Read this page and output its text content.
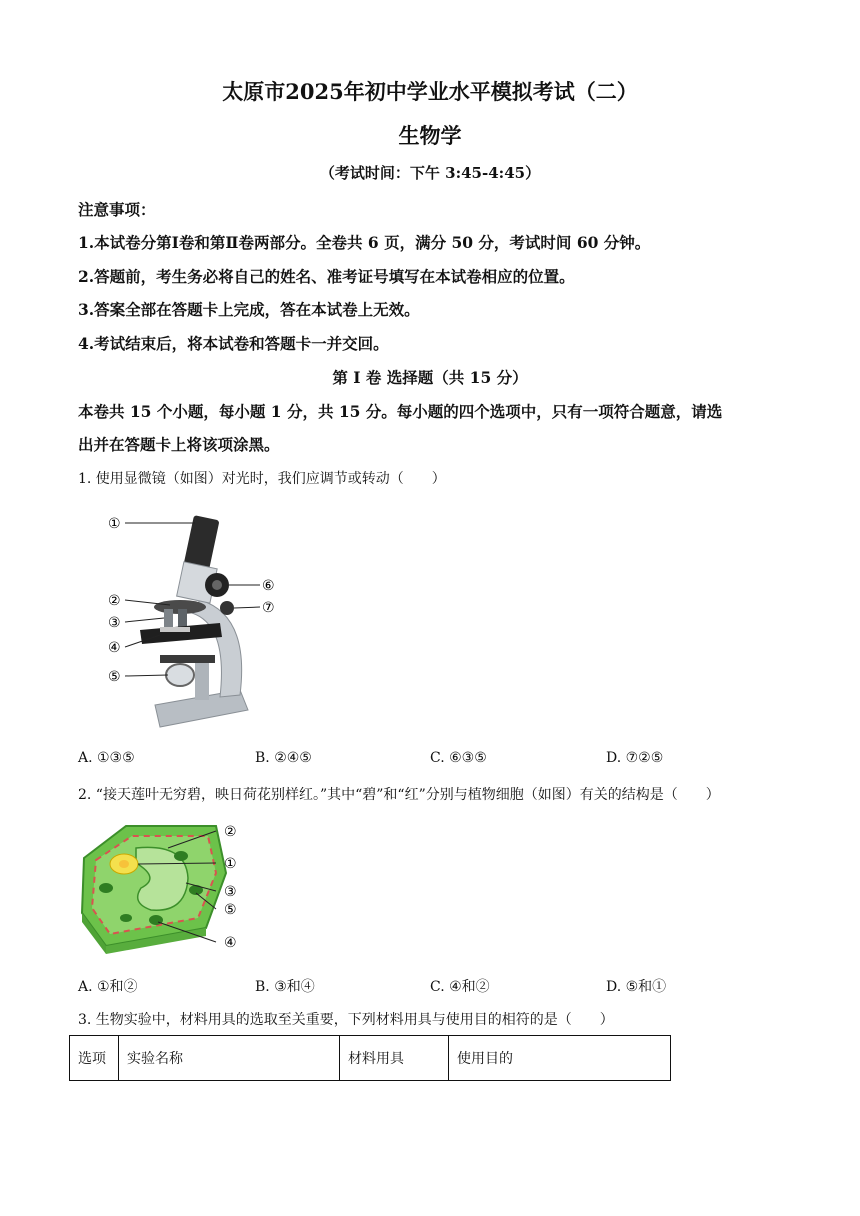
太原市2025年初中学业水平模拟考试（二）
生物学
（考试时间：下午 3:45-4:45）
注意事项：
1.本试卷分第Ⅰ卷和第Ⅱ卷两部分。全卷共 6 页，满分 50 分，考试时间 60 分钟。
2.答题前，考生务必将自己的姓名、准考证号填写在本试卷相应的位置。
3.答案全部在答题卡上完成，答在本试卷上无效。
4.考试结束后，将本试卷和答题卡一并交回。
第 I 卷 选择题（共 15 分）
本卷共 15 个小题，每小题 1 分，共 15 分。每小题的四个选项中，只有一项符合题意，请选
出并在答题卡上将该项涂黑。
1. 使用显微镜（如图）对光时，我们应调节或转动（　　）
①
②
③
④
⑤
⑥
⑦
A. ①③⑤	B. ②④⑤	C. ⑥③⑤	D. ⑦②⑤
2. “接天莲叶无穷碧，映日荷花别样红。”其中“碧”和“红”分别与植物细胞（如图）有关的结构是（　　）
②
①
③
⑤
④
A. ①和②	B. ③和④	C. ④和②	D. ⑤和①
3. 生物实验中，材料用具的选取至关重要，下列材料用具与使用目的相符的是（　　）
选项	实验名称	材料用具	使用目的
